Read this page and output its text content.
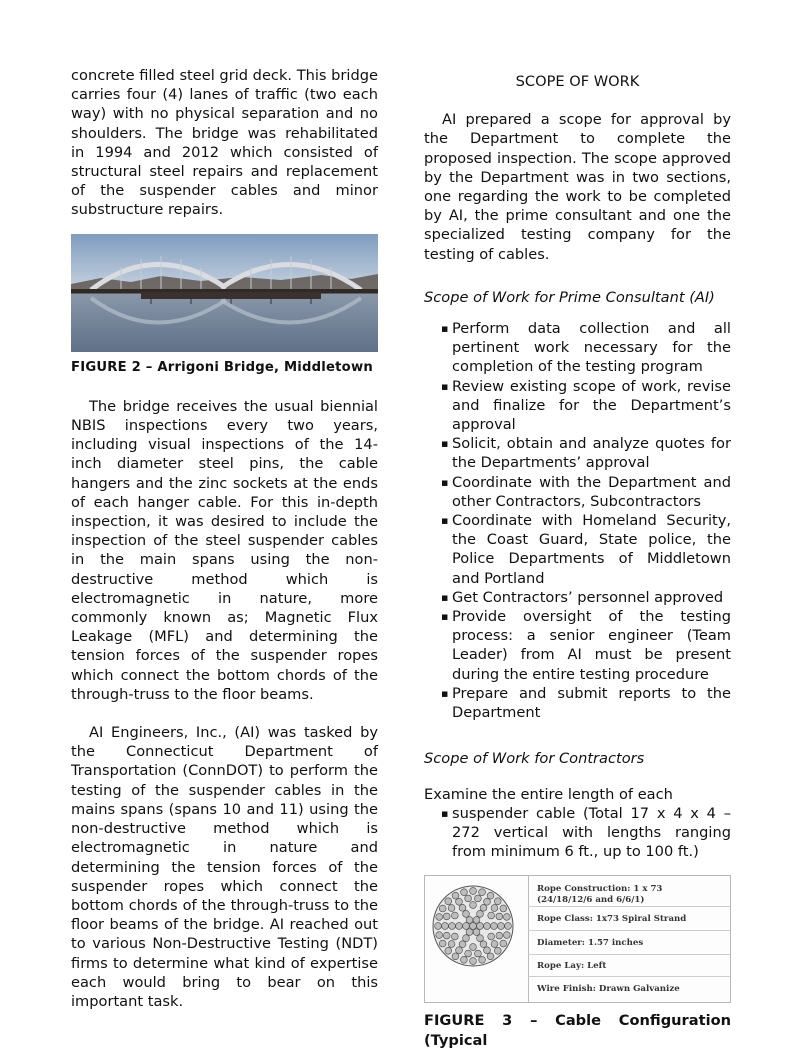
concrete filled steel grid deck. This bridge carries four (4) lanes of traffic (two each way) with no physical separation and no shoulders. The bridge was rehabilitated in 1994 and 2012 which consisted of structural steel repairs and replacement of the suspender cables and minor substructure repairs.

FIGURE 2 – Arrigoni Bridge, Middletown

The bridge receives the usual biennial NBIS inspections every two years, including visual inspections of the 14-inch diameter steel pins, the cable hangers and the zinc sockets at the ends of each hanger cable. For this in-depth inspection, it was desired to include the inspection of the steel suspender cables in the main spans using the non-destructive method which is electromagnetic in nature, more commonly known as; Magnetic Flux Leakage (MFL) and determining the tension forces of the suspender ropes which connect the bottom chords of the through-truss to the floor beams.

AI Engineers, Inc., (AI) was tasked by the Connecticut Department of Transportation (ConnDOT) to perform the testing of the suspender cables in the mains spans (spans 10 and 11) using the non-destructive method which is electromagnetic in nature and determining the tension forces of the suspender ropes which connect the bottom chords of the through-truss to the floor beams of the bridge. AI reached out to various Non-Destructive Testing (NDT) firms to determine what kind of expertise each would bring to bear on this important task.

SCOPE OF WORK

AI prepared a scope for approval by the Department to complete the proposed inspection. The scope approved by the Department was in two sections, one regarding the work to be completed by AI, the prime consultant and one the specialized testing company for the testing of cables.

Scope of Work for Prime Consultant (AI)
▪ Perform data collection and all pertinent work necessary for the completion of the testing program
▪ Review existing scope of work, revise and finalize for the Department’s approval
▪ Solicit, obtain and analyze quotes for the Departments’ approval
▪ Coordinate with the Department and other Contractors, Subcontractors
▪ Coordinate with Homeland Security, the Coast Guard, State police, the Police Departments of Middletown and Portland
▪ Get Contractors’ personnel approved
▪ Provide oversight of the testing process: a senior engineer (Team Leader) from AI must be present during the entire testing procedure
▪ Prepare and submit reports to the Department
Scope of Work for Contractors

Examine the entire length of each

▪ suspender cable (Total 17 x 4 x 4 – 272 vertical with lengths ranging from minimum 6 ft., up to 100 ft.)
Rope Construction: 1 x 73 (24/18/12/6 and 6/6/1)
Rope Class: 1x73 Spiral Strand
Diameter: 1.57 inches
Rope Lay: Left
Wire Finish: Drawn Galvanize
FIGURE 3 – Cable Configuration
(Typical
